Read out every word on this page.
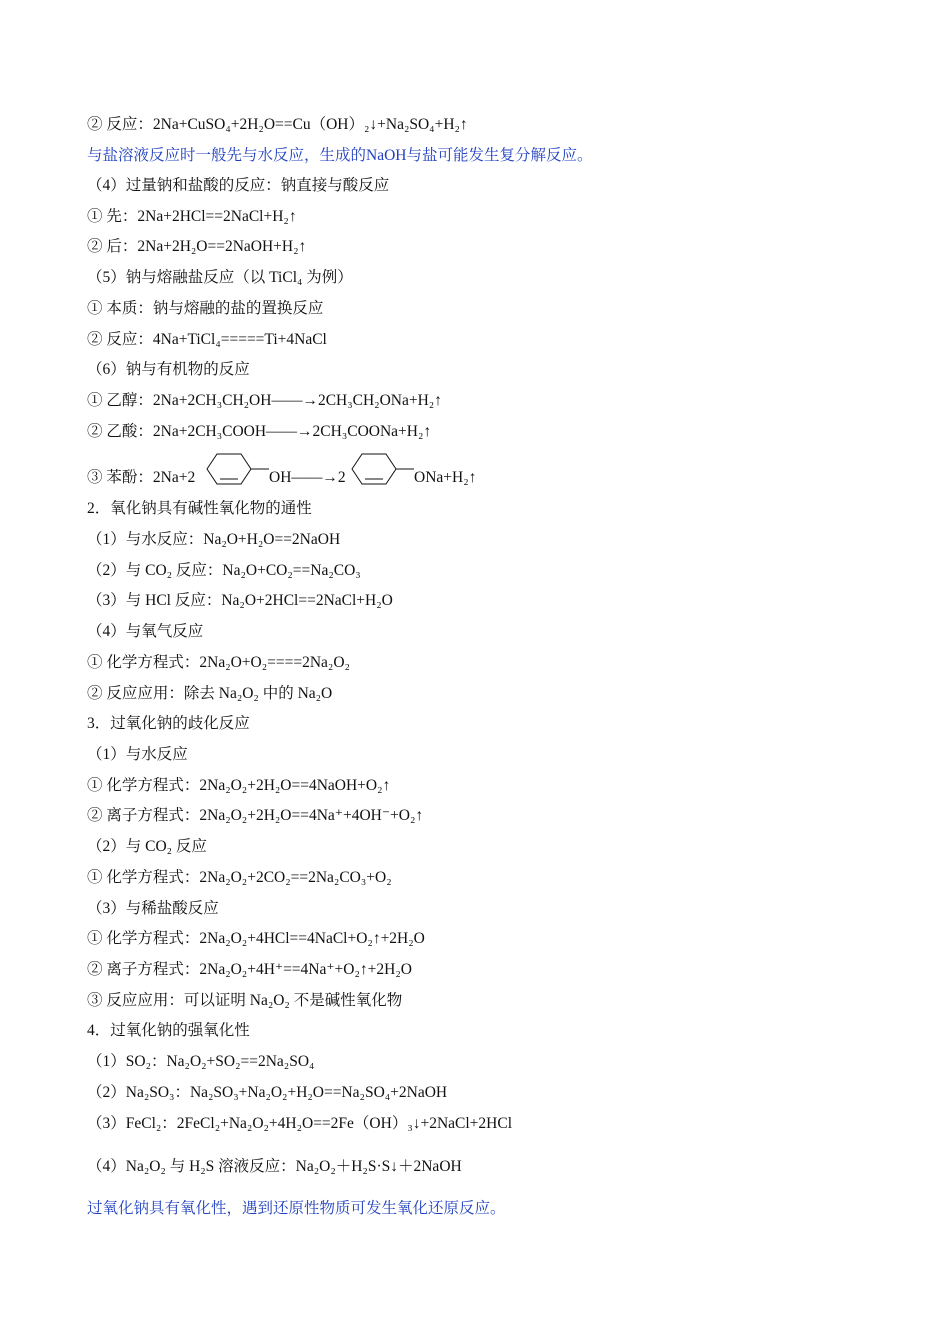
② 反应：2Na+CuSO₄+2H₂O==Cu（OH）₂↓+Na₂SO₄+H₂↑
与盐溶液反应时一般先与水反应，生成的NaOH与盐可能发生复分解反应。
（4）过量钠和盐酸的反应：钠直接与酸反应
① 先：2Na+2HCl==2NaCl+H₂↑
② 后：2Na+2H₂O==2NaOH+H₂↑
（5）钠与熔融盐反应（以 TiCl₄ 为例）
① 本质：钠与熔融的盐的置换反应
② 反应：4Na+TiCl₄=====Ti+4NaCl
（6）钠与有机物的反应
① 乙醇：2Na+2CH₃CH₂OH——→2CH₃CH₂ONa+H₂↑
② 乙酸：2Na+2CH₃COOH——→2CH₃COONa+H₂↑
③ 苯酚：2Na+2	OH——→2	ONa+H₂↑
2．氧化钠具有碱性氧化物的通性
（1）与水反应：Na₂O+H₂O==2NaOH
（2）与 CO₂ 反应：Na₂O+CO₂==Na₂CO₃
（3）与 HCl 反应：Na₂O+2HCl==2NaCl+H₂O
（4）与氧气反应
① 化学方程式：2Na₂O+O₂====2Na₂O₂
② 反应应用：除去 Na₂O₂ 中的 Na₂O
3．过氧化钠的歧化反应
（1）与水反应
① 化学方程式：2Na₂O₂+2H₂O==4NaOH+O₂↑
② 离子方程式：2Na₂O₂+2H₂O==4Na⁺+4OH⁻+O₂↑
（2）与 CO₂ 反应
① 化学方程式：2Na₂O₂+2CO₂==2Na₂CO₃+O₂
（3）与稀盐酸反应
① 化学方程式：2Na₂O₂+4HCl==4NaCl+O₂↑+2H₂O
② 离子方程式：2Na₂O₂+4H⁺==4Na⁺+O₂↑+2H₂O
③ 反应应用：可以证明 Na₂O₂ 不是碱性氧化物
4．过氧化钠的强氧化性
（1）SO₂：Na₂O₂+SO₂==2Na₂SO₄
（2）Na₂SO₃：Na₂SO₃+Na₂O₂+H₂O==Na₂SO₄+2NaOH
（3）FeCl₂：2FeCl₂+Na₂O₂+4H₂O==2Fe（OH）₃↓+2NaCl+2HCl
（4）Na₂O₂ 与 H₂S 溶液反应：Na₂O₂＋H₂S·S↓＋2NaOH
过氧化钠具有氧化性，遇到还原性物质可发生氧化还原反应。
